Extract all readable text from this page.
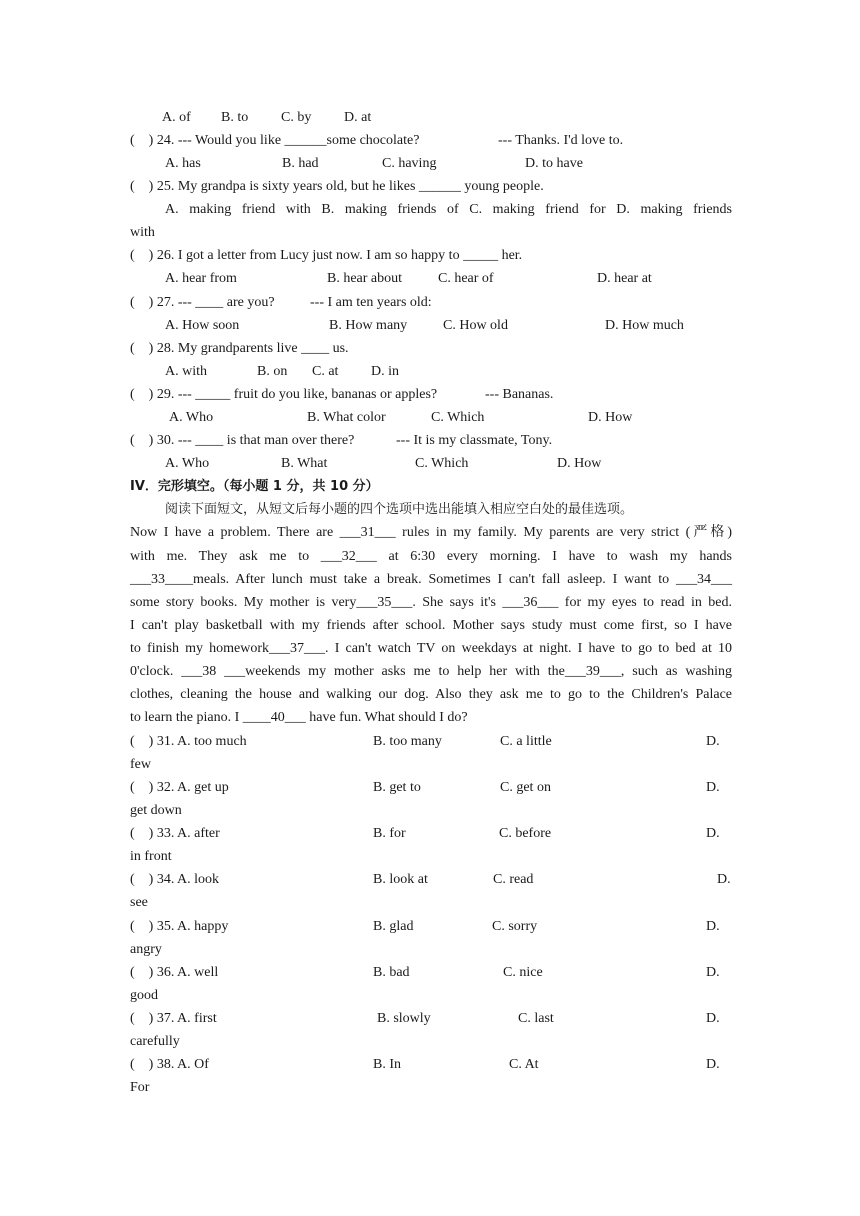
A. of B. to C. by D. at
(    ) 24. --- Would you like ______some chocolate?	--- Thanks. I'd love to.
A. has	B. had	C. having	D. to have
(    ) 25. My grandpa is sixty years old, but he likes ______ young people.
A. making friend with B. making friends of C. making friend for D. making friends
with
(    ) 26. I got a letter from Lucy just now. I am so happy to _____ her.
A. hear from	B. hear about	C. hear of	D. hear at
(    ) 27. --- ____ are you?	--- I am ten years old:
A. How soon	B. How many	C. How old	D. How much
(    ) 28. My grandparents live ____ us.
A. with	B. on C. at D. in
(    ) 29. --- _____ fruit do you like, bananas or apples?	--- Bananas.
A. Who	B. What color	C. Which	D. How
(    ) 30. --- ____ is that man over there?	--- It is my classmate, Tony.
A. Who	B. What	C. Which	D. How
IV．完形填空。（每小题 1 分，共 10 分）
阅读下面短文，从短文后每小题的四个选项中选出能填入相应空白处的最佳选项。
Now I have a problem. There are ___31___ rules in my family. My parents are very strict (严格)
with me. They ask me to ___32___ at 6:30 every morning. I have to wash my hands
___33____meals. After lunch must take a break. Sometimes I can't fall asleep. I want to ___34___
some story books. My mother is very___35___. She says it's ___36___ for my eyes to read in bed.
I can't play basketball with my friends after school. Mother says study must come first, so I have
to finish my homework___37___. I can't watch TV on weekdays at night. I have to go to bed at 10
0'clock. ___38 ___weekends my mother asks me to help her with the___39___, such as washing
clothes, cleaning the house and walking our dog. Also they ask me to go to the Children's Palace
to learn the piano. I ____40___ have fun. What should I do?
(    ) 31. A. too much	B. too many	C. a little	D.
few
(    ) 32. A. get up	B. get to	C. get on	D.
get down
(    ) 33. A. after	B. for	C. before	D.
in front
(    ) 34. A. look	B. look at	C. read	D.
see
(    ) 35. A. happy	B. glad	C. sorry	D.
angry
(    ) 36. A. well	B. bad	C. nice	D.
good
(    ) 37. A. first	B. slowly	C. last	D.
carefully
(    ) 38. A. Of	B. In	C. At	D.
For
